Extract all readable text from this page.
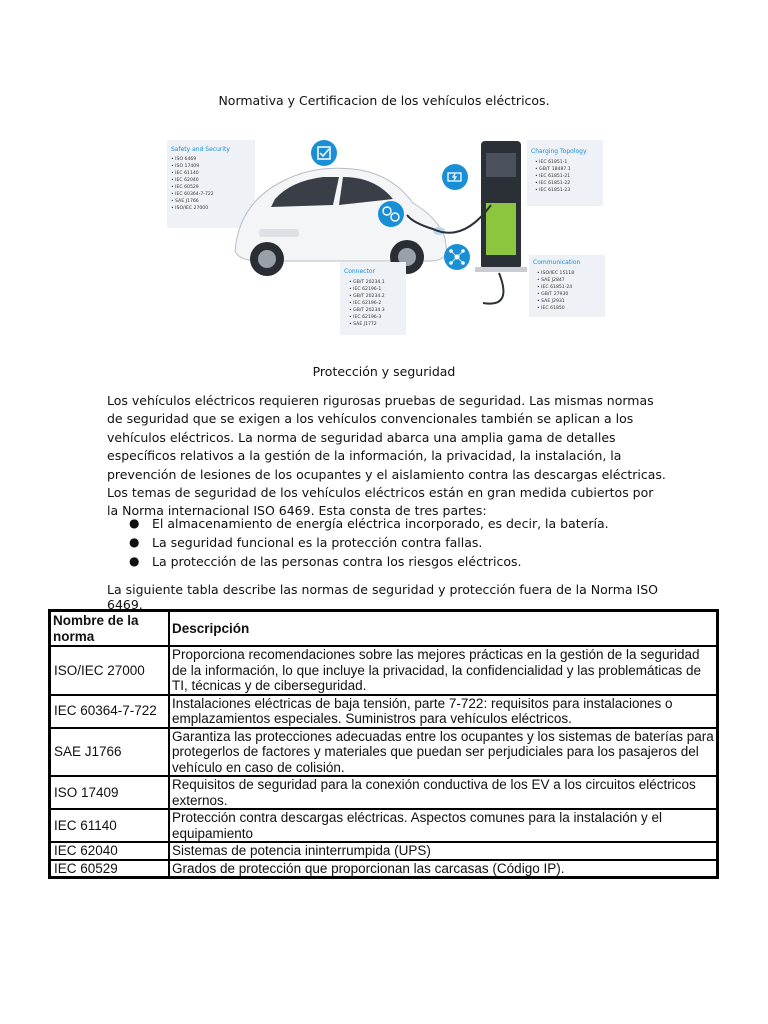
Normativa y Certificacion de los vehículos eléctricos.
Safety and Security
• ISO 6469
• ISO 17409
• IEC 61140
• IEC 62040
• IEC 60529
• IEC 60364-7-722
• SAE J1766
• ISO/IEC 27000
Charging Topology
• IEC 61851-1
• GB/T 18487.1
• IEC 61851-21
• IEC 61851-22
• IEC 61851-23
Connector
• GB/T 20234.1
• IEC 62196-1
• GB/T 20234.2
• IEC 62196-2
• GB/T 20234.3
• IEC 62196-3
• SAE J1772
Communication
• ISO/IEC 15118
• SAE J2847
• IEC 61851-24
• GB/T 27930
• SAE J2931
• IEC 61850
Protección y seguridad

Los vehículos eléctricos requieren rigurosas pruebas de seguridad. Las mismas normas de seguridad que se exigen a los vehículos convencionales también se aplican a los vehículos eléctricos. La norma de seguridad abarca una amplia gama de detalles específicos relativos a la gestión de la información, la privacidad, la instalación, la prevención de lesiones de los ocupantes y el aislamiento contra las descargas eléctricas. Los temas de seguridad de los vehículos eléctricos están en gran medida cubiertos por la Norma internacional ISO 6469. Esta consta de tres partes:

● El almacenamiento de energía eléctrica incorporado, es decir, la batería.
● La seguridad funcional es la protección contra fallas.
● La protección de las personas contra los riesgos eléctricos.

La siguiente tabla describe las normas de seguridad y protección fuera de la Norma ISO 6469.

Nombre de la norma	Descripción
ISO/IEC 27000	Proporciona recomendaciones sobre las mejores prácticas en la gestión de la seguridad de la información, lo que incluye la privacidad, la confidencialidad y las problemáticas de TI, técnicas y de ciberseguridad.
IEC 60364-7-722	Instalaciones eléctricas de baja tensión, parte 7-722: requisitos para instalaciones o emplazamientos especiales. Suministros para vehículos eléctricos.
SAE J1766	Garantiza las protecciones adecuadas entre los ocupantes y los sistemas de baterías para protegerlos de factores y materiales que puedan ser perjudiciales para los pasajeros del vehículo en caso de colisión.
ISO 17409	Requisitos de seguridad para la conexión conductiva de los EV a los circuitos eléctricos externos.
IEC 61140	Protección contra descargas eléctricas. Aspectos comunes para la instalación y el equipamiento
IEC 62040	Sistemas de potencia ininterrumpida (UPS)
IEC 60529	Grados de protección que proporcionan las carcasas (Código IP).
